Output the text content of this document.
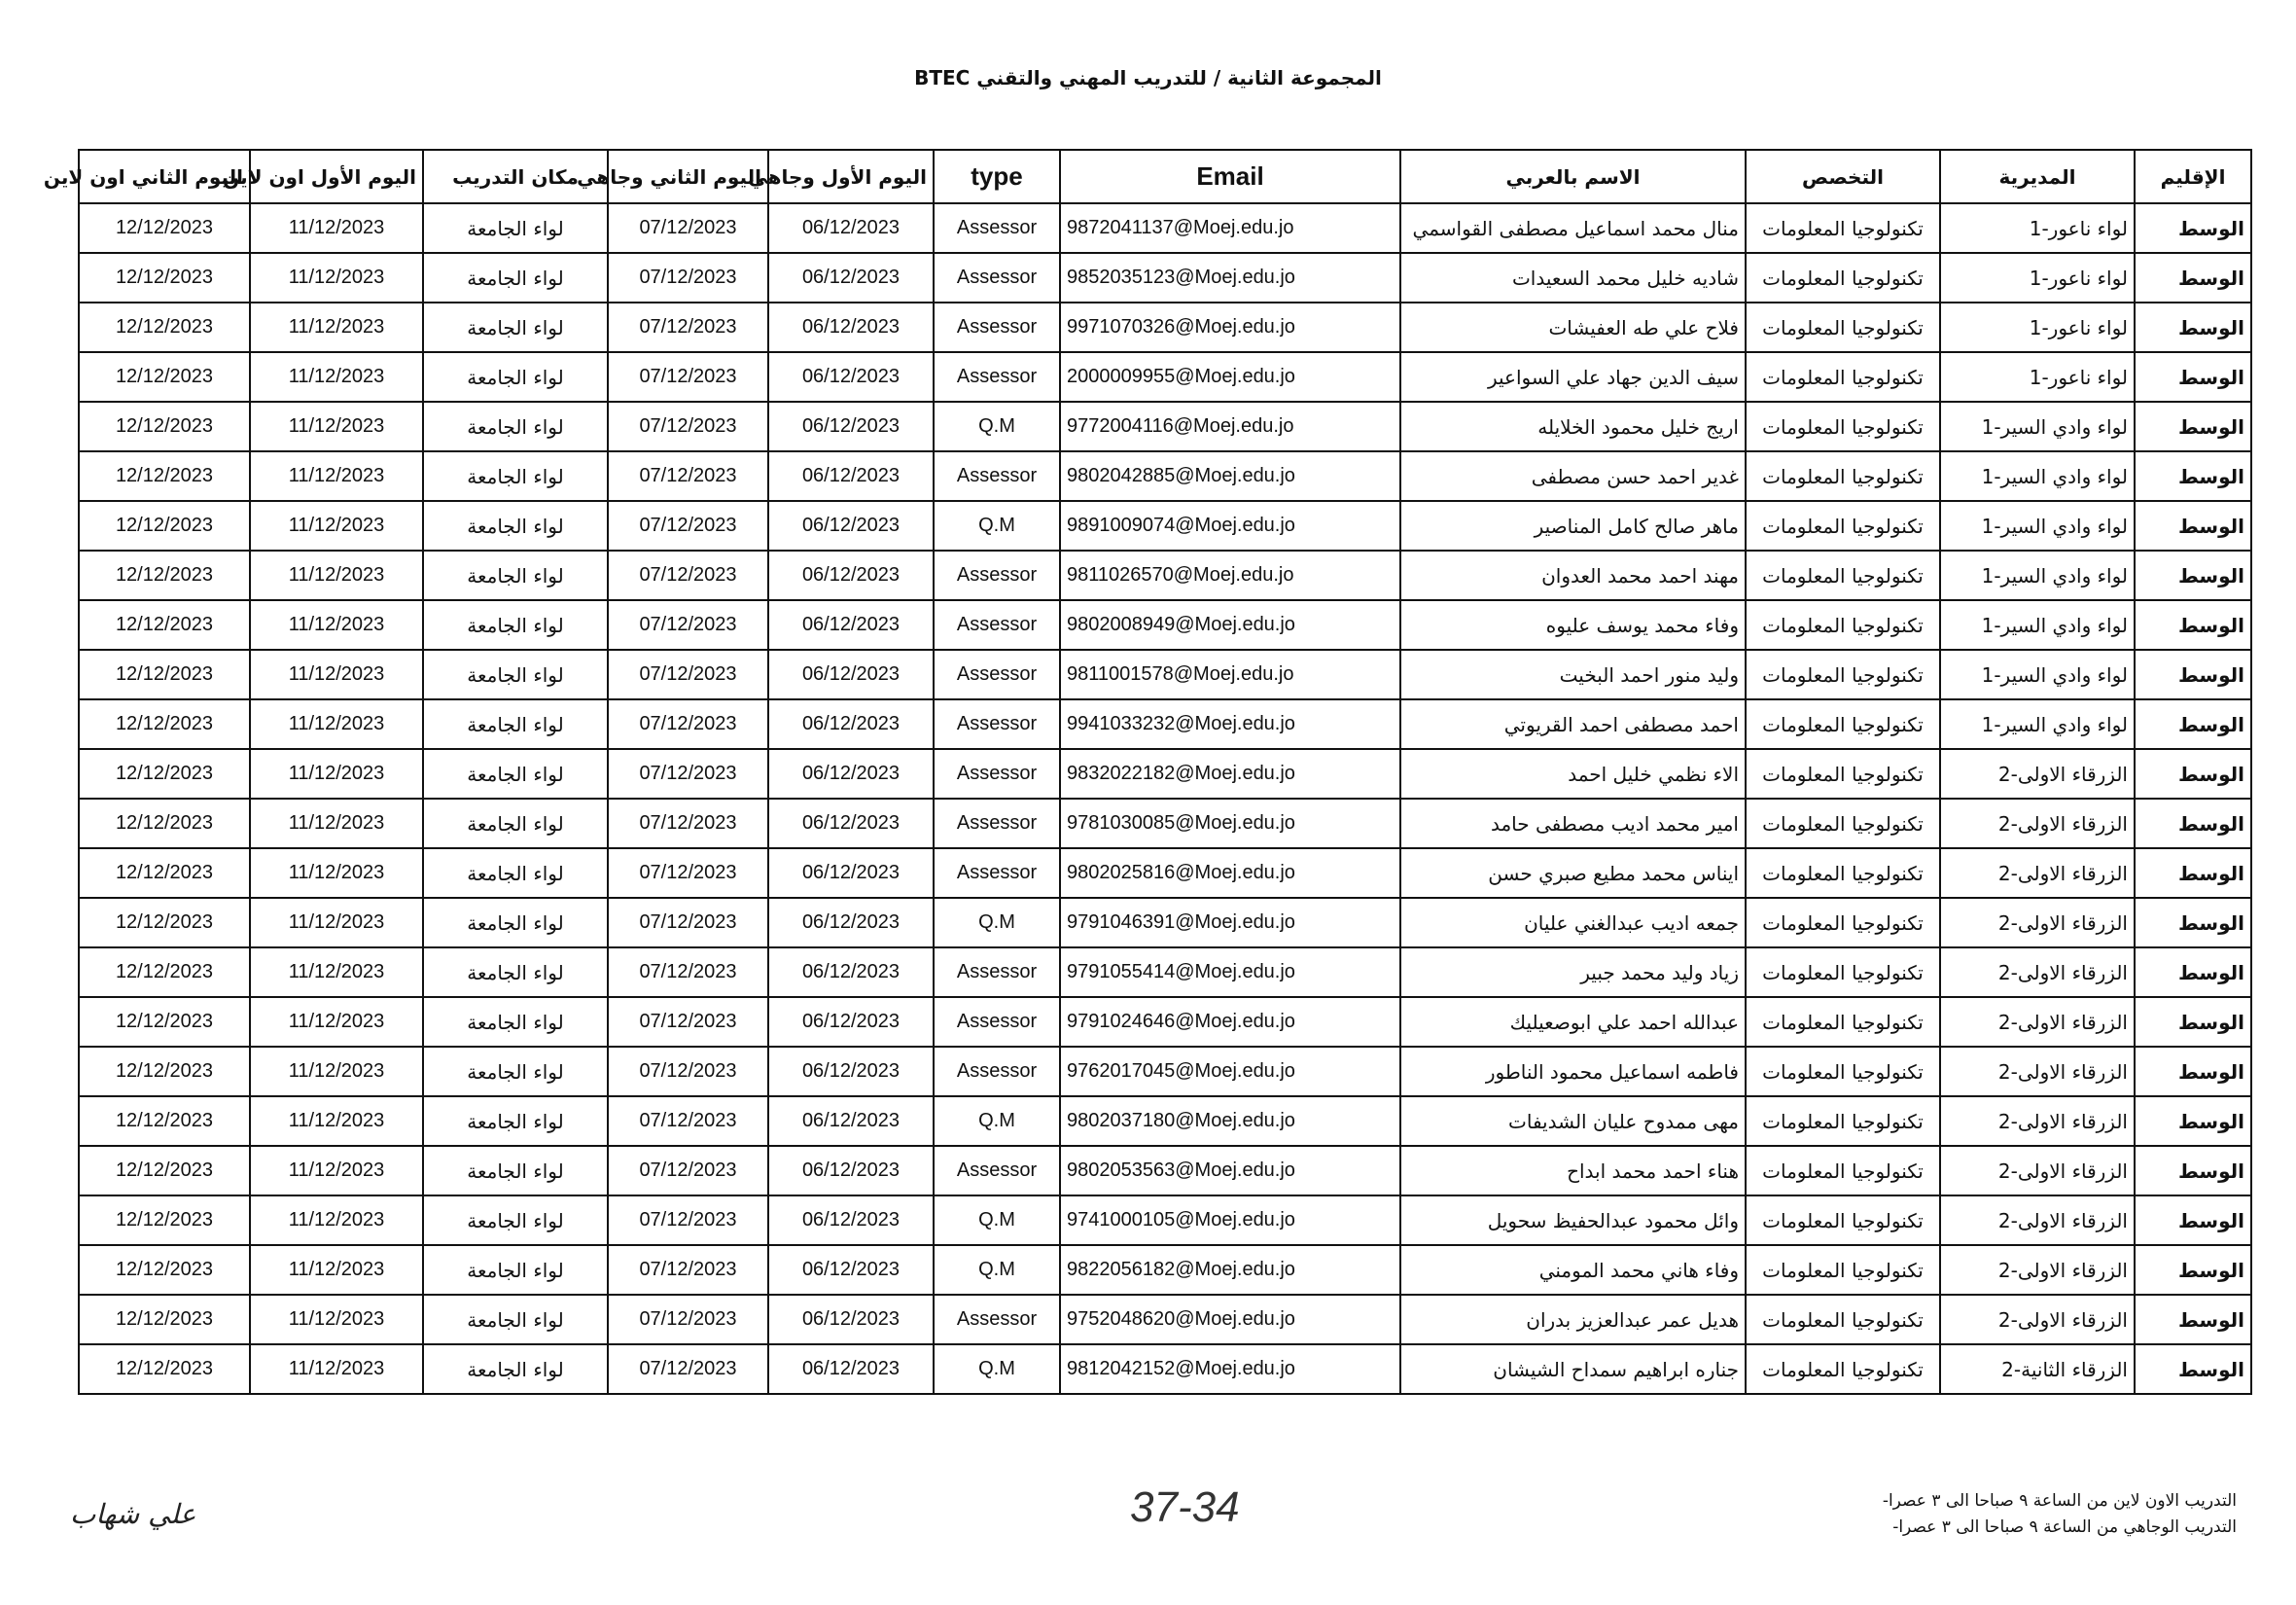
المجموعة الثانية / للتدريب المهني والتقني BTEC
الإقليم	المديرية	التخصص	الاسم بالعربي	Email	type	اليوم الأول وجاهي	اليوم الثاني وجاهي	مكان التدريب	اليوم الأول اون لاين	اليوم الثاني اون لاين
الوسط	لواء ناعور-1	تكنولوجيا المعلومات	منال محمد اسماعيل مصطفى القواسمي	9872041137@Moej.edu.jo	Assessor	06/12/2023	07/12/2023	لواء الجامعة	11/12/2023	12/12/2023
الوسط	لواء ناعور-1	تكنولوجيا المعلومات	شاديه خليل محمد السعيدات	9852035123@Moej.edu.jo	Assessor	06/12/2023	07/12/2023	لواء الجامعة	11/12/2023	12/12/2023
الوسط	لواء ناعور-1	تكنولوجيا المعلومات	فلاح علي طه العفيشات	9971070326@Moej.edu.jo	Assessor	06/12/2023	07/12/2023	لواء الجامعة	11/12/2023	12/12/2023
الوسط	لواء ناعور-1	تكنولوجيا المعلومات	سيف الدين جهاد علي السواعير	2000009955@Moej.edu.jo	Assessor	06/12/2023	07/12/2023	لواء الجامعة	11/12/2023	12/12/2023
الوسط	لواء وادي السير-1	تكنولوجيا المعلومات	اريج خليل محمود الخلايله	9772004116@Moej.edu.jo	Q.M	06/12/2023	07/12/2023	لواء الجامعة	11/12/2023	12/12/2023
الوسط	لواء وادي السير-1	تكنولوجيا المعلومات	غدير احمد حسن مصطفى	9802042885@Moej.edu.jo	Assessor	06/12/2023	07/12/2023	لواء الجامعة	11/12/2023	12/12/2023
الوسط	لواء وادي السير-1	تكنولوجيا المعلومات	ماهر صالح كامل المناصير	9891009074@Moej.edu.jo	Q.M	06/12/2023	07/12/2023	لواء الجامعة	11/12/2023	12/12/2023
الوسط	لواء وادي السير-1	تكنولوجيا المعلومات	مهند احمد محمد العدوان	9811026570@Moej.edu.jo	Assessor	06/12/2023	07/12/2023	لواء الجامعة	11/12/2023	12/12/2023
الوسط	لواء وادي السير-1	تكنولوجيا المعلومات	وفاء محمد يوسف عليوه	9802008949@Moej.edu.jo	Assessor	06/12/2023	07/12/2023	لواء الجامعة	11/12/2023	12/12/2023
الوسط	لواء وادي السير-1	تكنولوجيا المعلومات	وليد منور احمد البخيت	9811001578@Moej.edu.jo	Assessor	06/12/2023	07/12/2023	لواء الجامعة	11/12/2023	12/12/2023
الوسط	لواء وادي السير-1	تكنولوجيا المعلومات	احمد مصطفى احمد القريوتي	9941033232@Moej.edu.jo	Assessor	06/12/2023	07/12/2023	لواء الجامعة	11/12/2023	12/12/2023
الوسط	الزرقاء الاولى-2	تكنولوجيا المعلومات	الاء نظمي خليل احمد	9832022182@Moej.edu.jo	Assessor	06/12/2023	07/12/2023	لواء الجامعة	11/12/2023	12/12/2023
الوسط	الزرقاء الاولى-2	تكنولوجيا المعلومات	امير محمد اديب مصطفى حامد	9781030085@Moej.edu.jo	Assessor	06/12/2023	07/12/2023	لواء الجامعة	11/12/2023	12/12/2023
الوسط	الزرقاء الاولى-2	تكنولوجيا المعلومات	ايناس محمد مطيع صبري حسن	9802025816@Moej.edu.jo	Assessor	06/12/2023	07/12/2023	لواء الجامعة	11/12/2023	12/12/2023
الوسط	الزرقاء الاولى-2	تكنولوجيا المعلومات	جمعه اديب عبدالغني عليان	9791046391@Moej.edu.jo	Q.M	06/12/2023	07/12/2023	لواء الجامعة	11/12/2023	12/12/2023
الوسط	الزرقاء الاولى-2	تكنولوجيا المعلومات	زياد وليد محمد جبير	9791055414@Moej.edu.jo	Assessor	06/12/2023	07/12/2023	لواء الجامعة	11/12/2023	12/12/2023
الوسط	الزرقاء الاولى-2	تكنولوجيا المعلومات	عبدالله احمد علي ابوصعيليك	9791024646@Moej.edu.jo	Assessor	06/12/2023	07/12/2023	لواء الجامعة	11/12/2023	12/12/2023
الوسط	الزرقاء الاولى-2	تكنولوجيا المعلومات	فاطمه اسماعيل محمود الناطور	9762017045@Moej.edu.jo	Assessor	06/12/2023	07/12/2023	لواء الجامعة	11/12/2023	12/12/2023
الوسط	الزرقاء الاولى-2	تكنولوجيا المعلومات	مهى ممدوح عليان الشديفات	9802037180@Moej.edu.jo	Q.M	06/12/2023	07/12/2023	لواء الجامعة	11/12/2023	12/12/2023
الوسط	الزرقاء الاولى-2	تكنولوجيا المعلومات	هناء احمد محمد ابداح	9802053563@Moej.edu.jo	Assessor	06/12/2023	07/12/2023	لواء الجامعة	11/12/2023	12/12/2023
الوسط	الزرقاء الاولى-2	تكنولوجيا المعلومات	وائل محمود عبدالحفيظ سحويل	9741000105@Moej.edu.jo	Q.M	06/12/2023	07/12/2023	لواء الجامعة	11/12/2023	12/12/2023
الوسط	الزرقاء الاولى-2	تكنولوجيا المعلومات	وفاء هاني محمد المومني	9822056182@Moej.edu.jo	Q.M	06/12/2023	07/12/2023	لواء الجامعة	11/12/2023	12/12/2023
الوسط	الزرقاء الاولى-2	تكنولوجيا المعلومات	هديل عمر عبدالعزيز بدران	9752048620@Moej.edu.jo	Assessor	06/12/2023	07/12/2023	لواء الجامعة	11/12/2023	12/12/2023
الوسط	الزرقاء الثانية-2	تكنولوجيا المعلومات	جناره ابراهيم سمداح الشيشان	9812042152@Moej.edu.jo	Q.M	06/12/2023	07/12/2023	لواء الجامعة	11/12/2023	12/12/2023
التدريب الاون لاين من الساعة ٩ صباحا الى ٣ عصرا-
التدريب الوجاهي من الساعة ٩ صباحا الى ٣ عصرا-
37-34
علي شهاب
